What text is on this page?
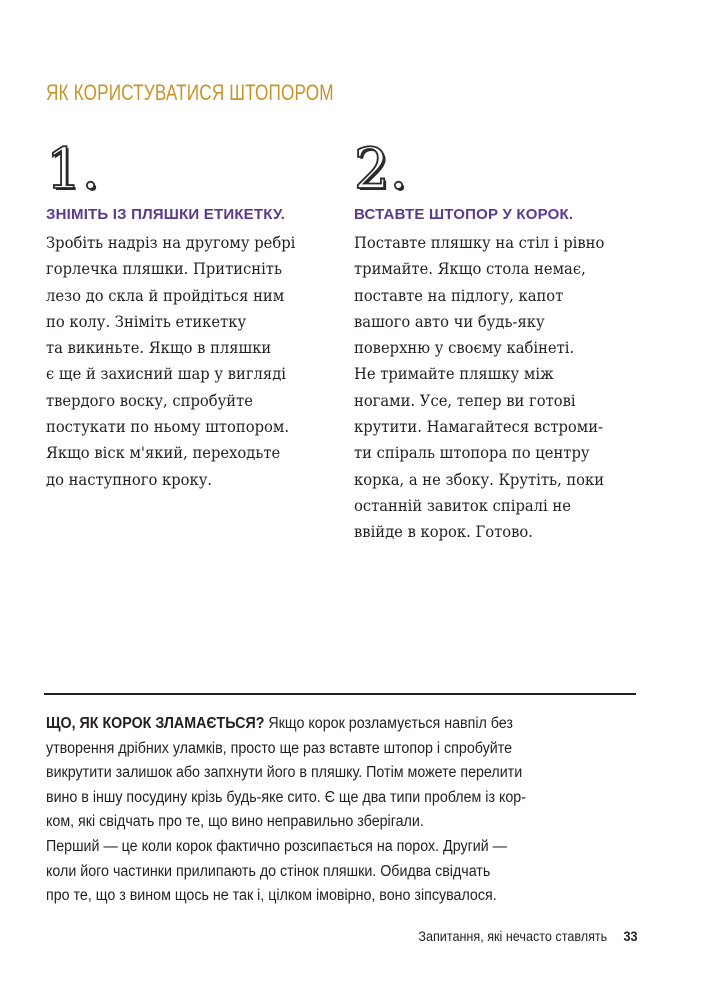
ЯК КОРИСТУВАТИСЯ ШТОПОРОМ
1.
ЗНІМІТЬ ІЗ ПЛЯШКИ ЕТИКЕТКУ.
Зробіть надріз на другому ребрі
горлечка пляшки. Притисніть
лезо до скла й пройдіться ним
по колу. Зніміть етикетку
та викиньте. Якщо в пляшки
є ще й захисний шар у вигляді
твердого воску, спробуйте
постукати по ньому штопором.
Якщо віск м'який, переходьте
до наступного кроку.
2.
ВСТАВТЕ ШТОПОР У КОРОК.
Поставте пляшку на стіл і рівно
тримайте. Якщо стола немає,
поставте на підлогу, капот
вашого авто чи будь-яку
поверхню у своєму кабінеті.
Не тримайте пляшку між
ногами. Усе, тепер ви готові
крутити. Намагайтеся встроми-
ти спіраль штопора по центру
корка, а не збоку. Крутіть, поки
останній завиток спіралі не
ввійде в корок. Готово.
ЩО, ЯК КОРОК ЗЛАМАЄТЬСЯ? Якщо корок розламується навпіл без
утворення дрібних уламків, просто ще раз вставте штопор і спробуйте
викрутити залишок або запхнути його в пляшку. Потім можете перелити
вино в іншу посудину крізь будь-яке сито. Є ще два типи проблем із кор-
ком, які свідчать про те, що вино неправильно зберігали.
Перший — це коли корок фактично розсипається на порох. Другий —
коли його частинки прилипають до стінок пляшки. Обидва свідчать
про те, що з вином щось не так і, цілком імовірно, воно зіпсувалося.
Запитання, які нечасто ставлять 33
